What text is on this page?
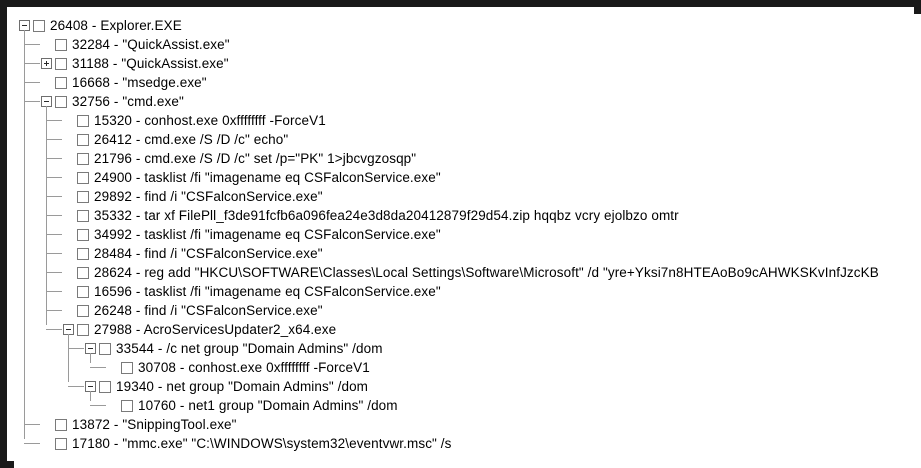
26408 - Explorer.EXE
32284 - "QuickAssist.exe"
31188 - "QuickAssist.exe"
16668 - "msedge.exe"
32756 - "cmd.exe"
15320 - conhost.exe 0xffffffff -ForceV1
26412 - cmd.exe /S /D /c" echo"
21796 - cmd.exe /S /D /c" set /p="PK" 1>jbcvgzosqp"
24900 - tasklist /fi "imagename eq CSFalconService.exe"
29892 - find /i "CSFalconService.exe"
35332 - tar xf FilePll_f3de91fcfb6a096fea24e3d8da20412879f29d54.zip hqqbz vcry ejolbzo omtr
34992 - tasklist /fi "imagename eq CSFalconService.exe"
28484 - find /i "CSFalconService.exe"
28624 - reg add "HKCU\SOFTWARE\Classes\Local Settings\Software\Microsoft" /d "yre+Yksi7n8HTEAoBo9cAHWKSKvInfJzcKB
16596 - tasklist /fi "imagename eq CSFalconService.exe"
26248 - find /i "CSFalconService.exe"
27988 - AcroServicesUpdater2_x64.exe
33544 - /c net group "Domain Admins" /dom
30708 - conhost.exe 0xffffffff -ForceV1
19340 - net group "Domain Admins" /dom
10760 - net1 group "Domain Admins" /dom
13872 - "SnippingTool.exe"
17180 - "mmc.exe" "C:\WINDOWS\system32\eventvwr.msc" /s
